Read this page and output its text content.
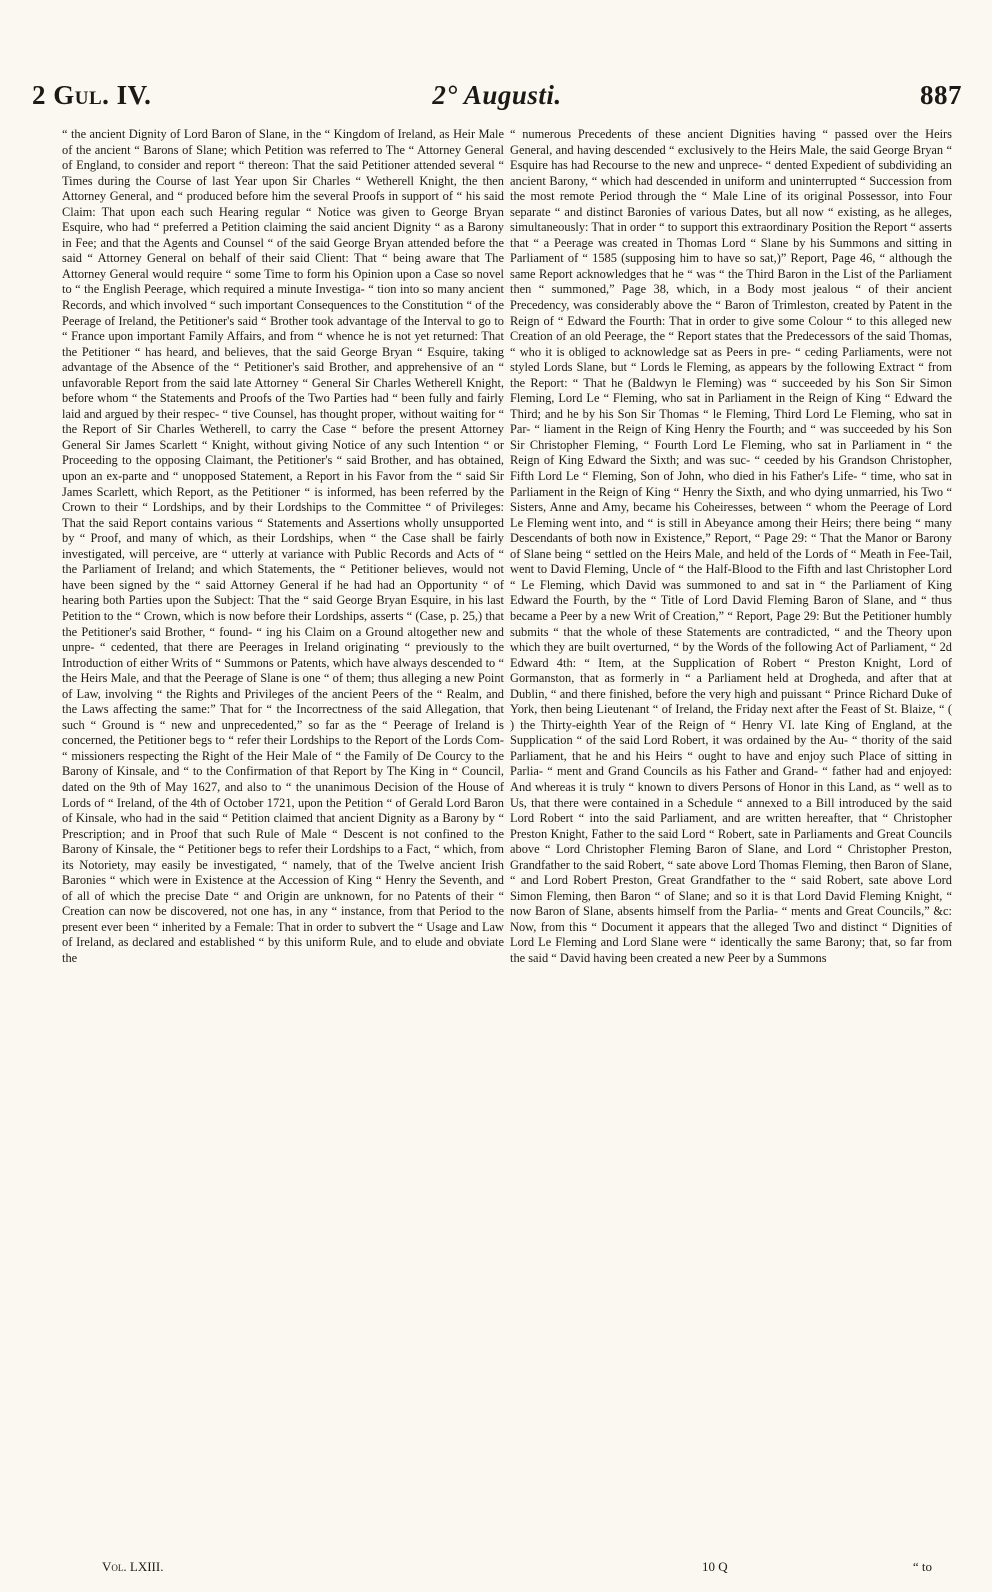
2 Gul. IV.	2° Augusti.	887

“ the ancient Dignity of Lord Baron of Slane, in the “ Kingdom of Ireland, as Heir Male of the ancient “ Barons of Slane; which Petition was referred to The “ Attorney General of England, to consider and report “ thereon: That the said Petitioner attended several “ Times during the Course of last Year upon Sir Charles “ Wetherell Knight, the then Attorney General, and “ produced before him the several Proofs in support of “ his said Claim: That upon each such Hearing regular “ Notice was given to George Bryan Esquire, who had “ preferred a Petition claiming the said ancient Dignity “ as a Barony in Fee; and that the Agents and Counsel “ of the said George Bryan attended before the said “ Attorney General on behalf of their said Client: That “ being aware that The Attorney General would require “ some Time to form his Opinion upon a Case so novel to “ the English Peerage, which required a minute Investiga- “ tion into so many ancient Records, and which involved “ such important Consequences to the Constitution “ of the Peerage of Ireland, the Petitioner's said “ Brother took advantage of the Interval to go to “ France upon important Family Affairs, and from “ whence he is not yet returned: That the Petitioner “ has heard, and believes, that the said George Bryan “ Esquire, taking advantage of the Absence of the “ Petitioner's said Brother, and apprehensive of an “ unfavorable Report from the said late Attorney “ General Sir Charles Wetherell Knight, before whom “ the Statements and Proofs of the Two Parties had “ been fully and fairly laid and argued by their respec- “ tive Counsel, has thought proper, without waiting for “ the Report of Sir Charles Wetherell, to carry the Case “ before the present Attorney General Sir James Scarlett “ Knight, without giving Notice of any such Intention “ or Proceeding to the opposing Claimant, the Petitioner's “ said Brother, and has obtained, upon an ex-parte and “ unopposed Statement, a Report in his Favor from the “ said Sir James Scarlett, which Report, as the Petitioner “ is informed, has been referred by the Crown to their “ Lordships, and by their Lordships to the Committee “ of Privileges: That the said Report contains various “ Statements and Assertions wholly unsupported by “ Proof, and many of which, as their Lordships, when “ the Case shall be fairly investigated, will perceive, are “ utterly at variance with Public Records and Acts of “ the Parliament of Ireland; and which Statements, the “ Petitioner believes, would not have been signed by the “ said Attorney General if he had had an Opportunity “ of hearing both Parties upon the Subject: That the “ said George Bryan Esquire, in his last Petition to the “ Crown, which is now before their Lordships, asserts “ (Case, p. 25,) that the Petitioner's said Brother, “ found- “ ing his Claim on a Ground altogether new and unpre- “ cedented, that there are Peerages in Ireland originating “ previously to the Introduction of either Writs of “ Summons or Patents, which have always descended to “ the Heirs Male, and that the Peerage of Slane is one “ of them; thus alleging a new Point of Law, involving “ the Rights and Privileges of the ancient Peers of the “ Realm, and the Laws affecting the same:” That for “ the Incorrectness of the said Allegation, that such “ Ground is “ new and unprecedented,” so far as the “ Peerage of Ireland is concerned, the Petitioner begs to “ refer their Lordships to the Report of the Lords Com- “ missioners respecting the Right of the Heir Male of “ the Family of De Courcy to the Barony of Kinsale, and “ to the Confirmation of that Report by The King in “ Council, dated on the 9th of May 1627, and also to “ the unanimous Decision of the House of Lords of “ Ireland, of the 4th of October 1721, upon the Petition “ of Gerald Lord Baron of Kinsale, who had in the said “ Petition claimed that ancient Dignity as a Barony by “ Prescription; and in Proof that such Rule of Male “ Descent is not confined to the Barony of Kinsale, the “ Petitioner begs to refer their Lordships to a Fact, “ which, from its Notoriety, may easily be investigated, “ namely, that of the Twelve ancient Irish Baronies “ which were in Existence at the Accession of King “ Henry the Seventh, and of all of which the precise Date “ and Origin are unknown, for no Patents of their “ Creation can now be discovered, not one has, in any “ instance, from that Period to the present ever been “ inherited by a Female: That in order to subvert the “ Usage and Law of Ireland, as declared and established “ by this uniform Rule, and to elude and obviate the

“ numerous Precedents of these ancient Dignities having “ passed over the Heirs General, and having descended “ exclusively to the Heirs Male, the said George Bryan “ Esquire has had Recourse to the new and unprece- “ dented Expedient of subdividing an ancient Barony, “ which had descended in uniform and uninterrupted “ Succession from the most remote Period through the “ Male Line of its original Possessor, into Four separate “ and distinct Baronies of various Dates, but all now “ existing, as he alleges, simultaneously: That in order “ to support this extraordinary Position the Report “ asserts that “ a Peerage was created in Thomas Lord “ Slane by his Summons and sitting in Parliament of “ 1585 (supposing him to have so sat,)” Report, Page 46, “ although the same Report acknowledges that he “ was “ the Third Baron in the List of the Parliament then “ summoned,” Page 38, which, in a Body most jealous “ of their ancient Precedency, was considerably above the “ Baron of Trimleston, created by Patent in the Reign of “ Edward the Fourth: That in order to give some Colour “ to this alleged new Creation of an old Peerage, the “ Report states that the Predecessors of the said Thomas, “ who it is obliged to acknowledge sat as Peers in pre- “ ceding Parliaments, were not styled Lords Slane, but “ Lords le Fleming, as appears by the following Extract “ from the Report: “ That he (Baldwyn le Fleming) was “ succeeded by his Son Sir Simon Fleming, Lord Le “ Fleming, who sat in Parliament in the Reign of King “ Edward the Third; and he by his Son Sir Thomas “ le Fleming, Third Lord Le Fleming, who sat in Par- “ liament in the Reign of King Henry the Fourth; and “ was succeeded by his Son Sir Christopher Fleming, “ Fourth Lord Le Fleming, who sat in Parliament in “ the Reign of King Edward the Sixth; and was suc- “ ceeded by his Grandson Christopher, Fifth Lord Le “ Fleming, Son of John, who died in his Father's Life- “ time, who sat in Parliament in the Reign of King “ Henry the Sixth, and who dying unmarried, his Two “ Sisters, Anne and Amy, became his Coheiresses, between “ whom the Peerage of Lord Le Fleming went into, and “ is still in Abeyance among their Heirs; there being “ many Descendants of both now in Existence,” Report, “ Page 29: “ That the Manor or Barony of Slane being “ settled on the Heirs Male, and held of the Lords of “ Meath in Fee-Tail, went to David Fleming, Uncle of “ the Half-Blood to the Fifth and last Christopher Lord “ Le Fleming, which David was summoned to and sat in “ the Parliament of King Edward the Fourth, by the “ Title of Lord David Fleming Baron of Slane, and “ thus became a Peer by a new Writ of Creation,” “ Report, Page 29: But the Petitioner humbly submits “ that the whole of these Statements are contradicted, “ and the Theory upon which they are built overturned, “ by the Words of the following Act of Parliament, “ 2d Edward 4th: “ Item, at the Supplication of Robert “ Preston Knight, Lord of Gormanston, that as formerly in “ a Parliament held at Drogheda, and after that at Dublin, “ and there finished, before the very high and puissant “ Prince Richard Duke of York, then being Lieutenant “ of Ireland, the Friday next after the Feast of St. Blaize, “ ( ) the Thirty-eighth Year of the Reign of “ Henry VI. late King of England, at the Supplication “ of the said Lord Robert, it was ordained by the Au- “ thority of the said Parliament, that he and his Heirs “ ought to have and enjoy such Place of sitting in Parlia- “ ment and Grand Councils as his Father and Grand- “ father had and enjoyed: And whereas it is truly “ known to divers Persons of Honor in this Land, as “ well as to Us, that there were contained in a Schedule “ annexed to a Bill introduced by the said Lord Robert “ into the said Parliament, and are written hereafter, that “ Christopher Preston Knight, Father to the said Lord “ Robert, sate in Parliaments and Great Councils above “ Lord Christopher Fleming Baron of Slane, and Lord “ Christopher Preston, Grandfather to the said Robert, “ sate above Lord Thomas Fleming, then Baron of Slane, “ and Lord Robert Preston, Great Grandfather to the “ said Robert, sate above Lord Simon Fleming, then Baron “ of Slane; and so it is that Lord David Fleming Knight, “ now Baron of Slane, absents himself from the Parlia- “ ments and Great Councils,” &c: Now, from this “ Document it appears that the alleged Two and distinct “ Dignities of Lord Le Fleming and Lord Slane were “ identically the same Barony; that, so far from the said “ David having been created a new Peer by a Summons

Vol. LXIII.	10 Q	“ to
